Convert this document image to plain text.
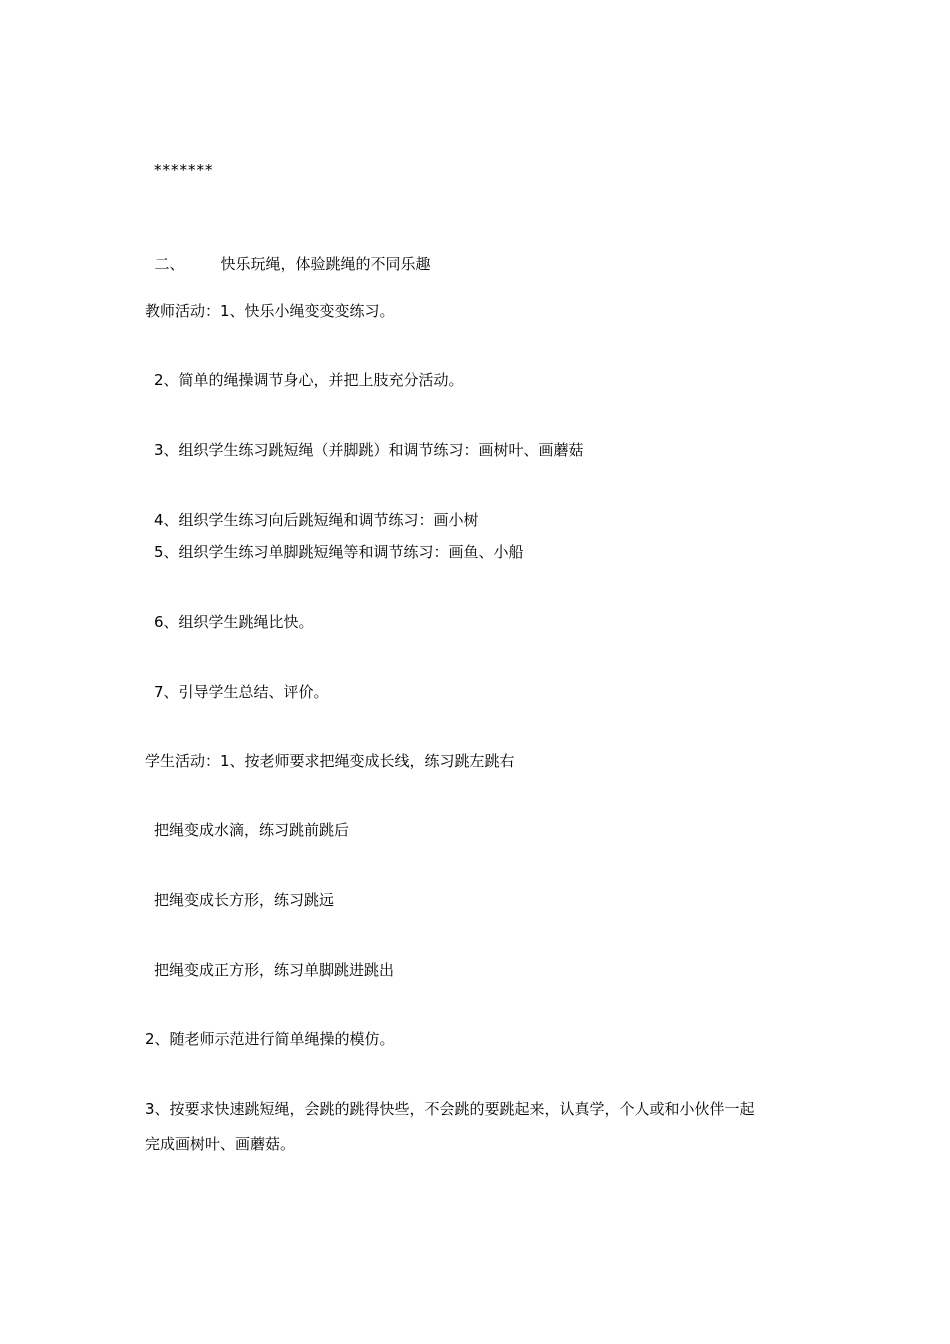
*******

二、 快乐玩绳，体验跳绳的不同乐趣

教师活动：1、快乐小绳变变变练习。
2、简单的绳操调节身心，并把上肢充分活动。
3、组织学生练习跳短绳（并脚跳）和调节练习：画树叶、画蘑菇
4、组织学生练习向后跳短绳和调节练习：画小树
5、组织学生练习单脚跳短绳等和调节练习：画鱼、小船
6、组织学生跳绳比快。
7、引导学生总结、评价。
学生活动：1、按老师要求把绳变成长线，练习跳左跳右
把绳变成水滴，练习跳前跳后
把绳变成长方形，练习跳远
把绳变成正方形，练习单脚跳进跳出
2、随老师示范进行简单绳操的模仿。
3、按要求快速跳短绳，会跳的跳得快些，不会跳的要跳起来，认真学，个人或和小伙伴一起
完成画树叶、画蘑菇。
